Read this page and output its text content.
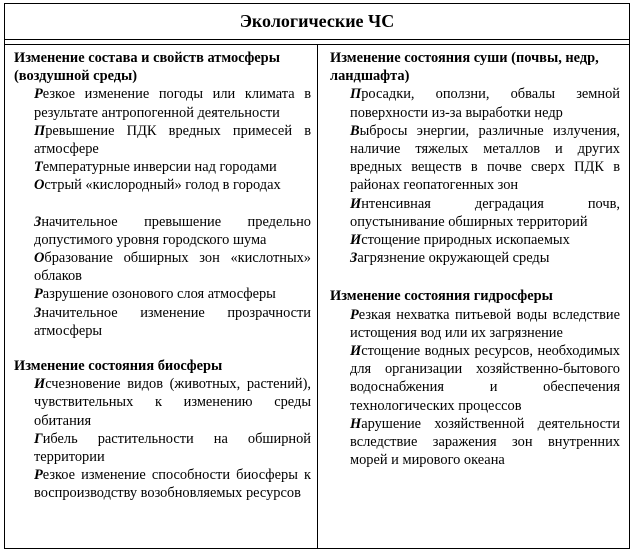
Экологические ЧС

Изменение состава и свойств атмосферы (воздушной среды)

Резкое изменение погоды или климата в результате антропогенной деятельности

Превышение ПДК вредных примесей в атмосфере

Температурные инверсии над городами

Острый «кислородный» голод в городах

Значительное превышение предельно допустимого уровня городского шума

Образование обширных зон «кислотных» облаков

Разрушение озонового слоя атмосферы

Значительное изменение прозрачности атмосферы

Изменение состояния биосферы

Исчезновение видов (животных, растений), чувствительных к изменению среды обитания

Гибель растительности на обширной территории

Резкое изменение способности биосферы к воспроизводству возобновляемых ресурсов

Изменение состояния суши (почвы, недр, ландшафта)

Просадки, оползни, обвалы земной поверхности из-за выработки недр

Выбросы энергии, различные излучения, наличие тяжелых металлов и других вредных веществ в почве сверх ПДК в районах геопатогенных зон

Интенсивная деградация почв, опустынивание обширных территорий

Истощение природных ископаемых

Загрязнение окружающей среды

Изменение состояния гидросферы

Резкая нехватка питьевой воды вследствие истощения вод или их загрязнение

Истощение водных ресурсов, необходимых для организации хозяйственно-бытового водоснабжения и обеспечения технологических процессов

Нарушение хозяйственной деятельности вследствие заражения зон внутренних морей и мирового океана
